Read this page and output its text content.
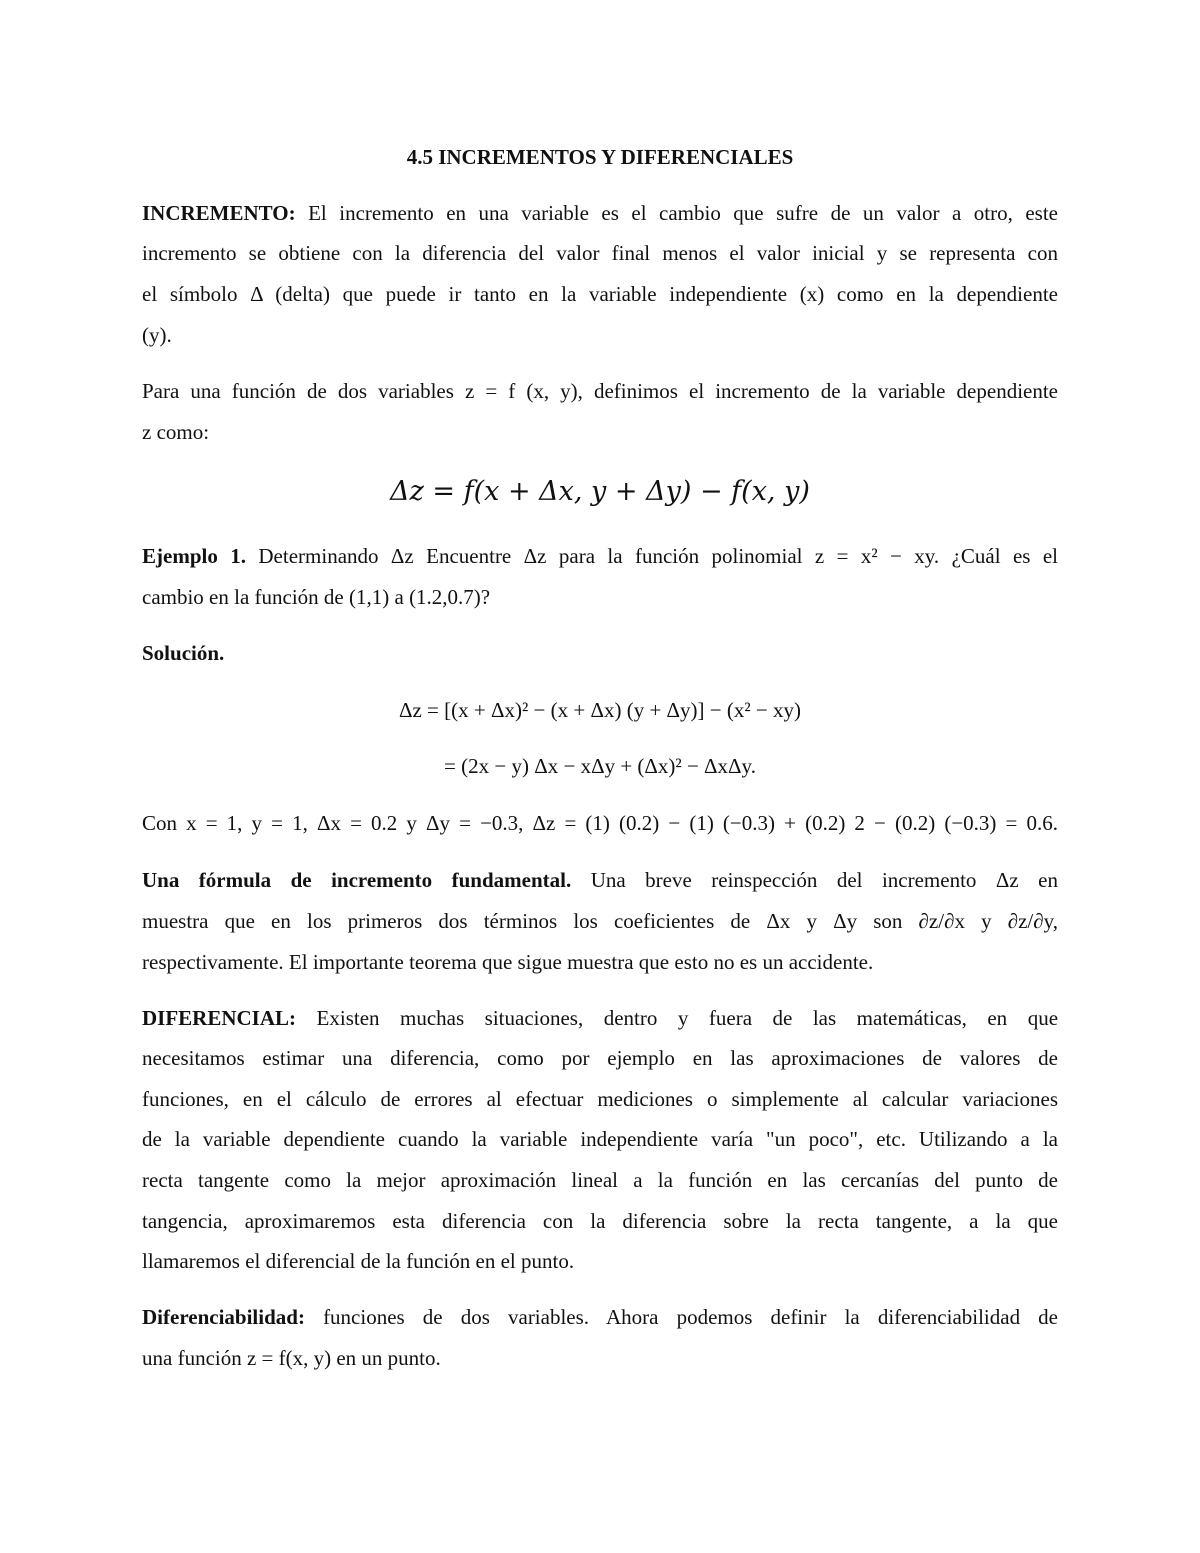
4.5 INCREMENTOS Y DIFERENCIALES
INCREMENTO: El incremento en una variable es el cambio que sufre de un valor a otro, este
incremento se obtiene con la diferencia del valor final menos el valor inicial y se representa con
el símbolo Δ (delta) que puede ir tanto en la variable independiente (x) como en la dependiente
(y).
Para una función de dos variables z = f (x, y), definimos el incremento de la variable dependiente
z como:
Δz = f(x + Δx, y + Δy) − f(x, y)
Ejemplo 1. Determinando Δz Encuentre Δz para la función polinomial z = x² − xy. ¿Cuál es el
cambio en la función de (1,1) a (1.2,0.7)?
Solución.
Δz = [(x + Δx)² − (x + Δx) (y + Δy)] − (x² − xy)
= (2x − y) Δx − xΔy + (Δx)² − ΔxΔy.
Con x = 1, y = 1, Δx = 0.2 y Δy = −0.3, Δz = (1) (0.2) − (1) (−0.3) + (0.2) 2 − (0.2) (−0.3) = 0.6.
Una fórmula de incremento fundamental. Una breve reinspección del incremento Δz en
muestra que en los primeros dos términos los coeficientes de Δx y Δy son ∂z/∂x y ∂z/∂y,
respectivamente. El importante teorema que sigue muestra que esto no es un accidente.
DIFERENCIAL: Existen muchas situaciones, dentro y fuera de las matemáticas, en que
necesitamos estimar una diferencia, como por ejemplo en las aproximaciones de valores de
funciones, en el cálculo de errores al efectuar mediciones o simplemente al calcular variaciones
de la variable dependiente cuando la variable independiente varía "un poco", etc. Utilizando a la
recta tangente como la mejor aproximación lineal a la función en las cercanías del punto de
tangencia, aproximaremos esta diferencia con la diferencia sobre la recta tangente, a la que
llamaremos el diferencial de la función en el punto.
Diferenciabilidad: funciones de dos variables. Ahora podemos definir la diferenciabilidad de
una función z = f(x, y) en un punto.
